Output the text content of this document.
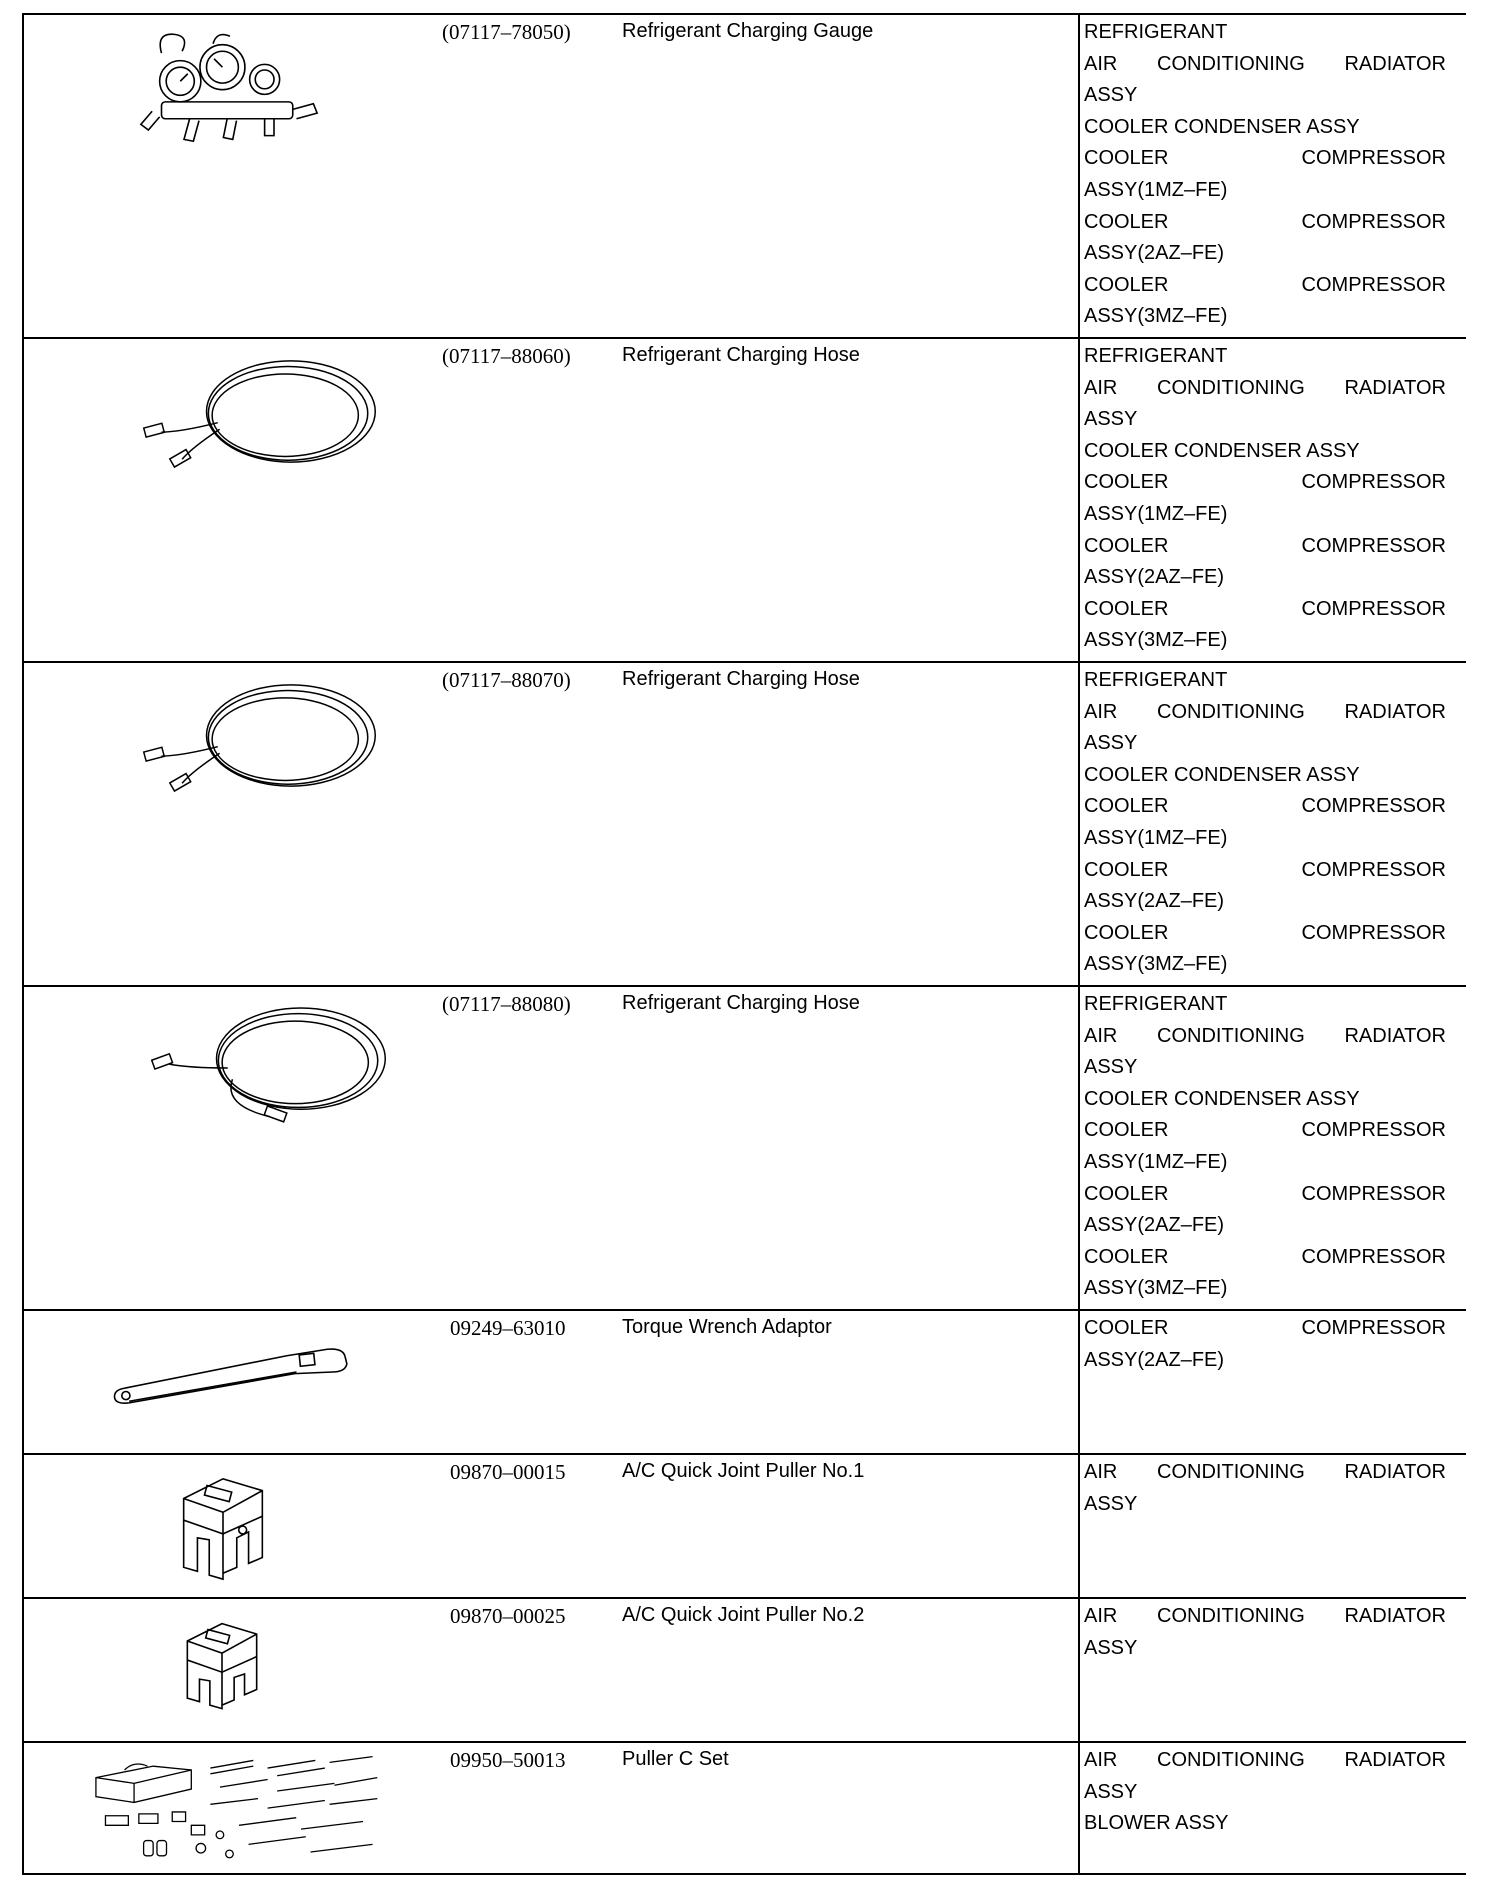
(07117–78050)	Refrigerant Charging Gauge	REFRIGERANT
AIR CONDITIONING RADIATOR
ASSY
COOLER CONDENSER ASSY
COOLER COMPRESSOR
ASSY(1MZ–FE)
COOLER COMPRESSOR
ASSY(2AZ–FE)
COOLER COMPRESSOR
ASSY(3MZ–FE)
(07117–88060)	Refrigerant Charging Hose	REFRIGERANT
AIR CONDITIONING RADIATOR
ASSY
COOLER CONDENSER ASSY
COOLER COMPRESSOR
ASSY(1MZ–FE)
COOLER COMPRESSOR
ASSY(2AZ–FE)
COOLER COMPRESSOR
ASSY(3MZ–FE)
(07117–88070)	Refrigerant Charging Hose	REFRIGERANT
AIR CONDITIONING RADIATOR
ASSY
COOLER CONDENSER ASSY
COOLER COMPRESSOR
ASSY(1MZ–FE)
COOLER COMPRESSOR
ASSY(2AZ–FE)
COOLER COMPRESSOR
ASSY(3MZ–FE)
(07117–88080)	Refrigerant Charging Hose	REFRIGERANT
AIR CONDITIONING RADIATOR
ASSY
COOLER CONDENSER ASSY
COOLER COMPRESSOR
ASSY(1MZ–FE)
COOLER COMPRESSOR
ASSY(2AZ–FE)
COOLER COMPRESSOR
ASSY(3MZ–FE)
09249–63010	Torque Wrench Adaptor	COOLER COMPRESSOR
ASSY(2AZ–FE)
09870–00015	A/C Quick Joint Puller No.1	AIR CONDITIONING RADIATOR
ASSY
09870–00025	A/C Quick Joint Puller No.2	AIR CONDITIONING RADIATOR
ASSY
09950–50013	Puller C Set	AIR CONDITIONING RADIATOR
ASSY
BLOWER ASSY
